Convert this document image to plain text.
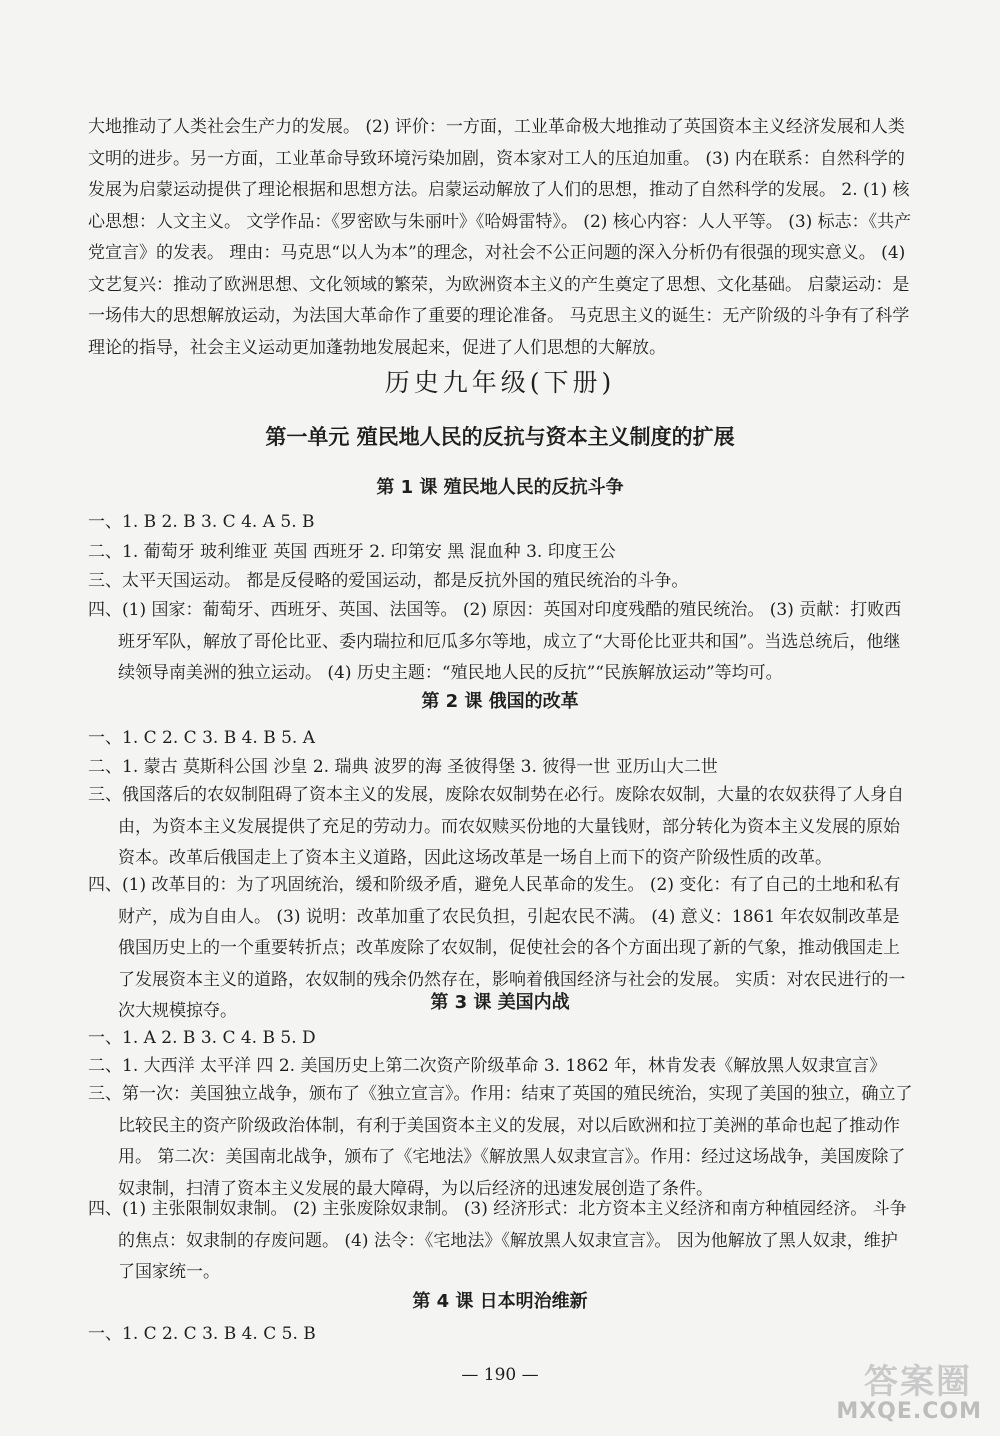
大地推动了人类社会生产力的发展。 (2) 评价：一方面，工业革命极大地推动了英国资本主义经济发展和人类文明的进步。另一方面，工业革命导致环境污染加剧，资本家对工人的压迫加重。 (3) 内在联系：自然科学的发展为启蒙运动提供了理论根据和思想方法。启蒙运动解放了人们的思想，推动了自然科学的发展。 2. (1) 核心思想：人文主义。 文学作品：《罗密欧与朱丽叶》《哈姆雷特》。 (2) 核心内容：人人平等。 (3) 标志：《共产党宣言》的发表。 理由：马克思“以人为本”的理念，对社会不公正问题的深入分析仍有很强的现实意义。 (4) 文艺复兴：推动了欧洲思想、文化领域的繁荣，为欧洲资本主义的产生奠定了思想、文化基础。 启蒙运动：是一场伟大的思想解放运动，为法国大革命作了重要的理论准备。 马克思主义的诞生：无产阶级的斗争有了科学理论的指导，社会主义运动更加蓬勃地发展起来，促进了人们思想的大解放。

历史九年级(下册)
第一单元 殖民地人民的反抗与资本主义制度的扩展
第 1 课 殖民地人民的反抗斗争
一、1. B 2. B 3. C 4. A 5. B
二、1. 葡萄牙 玻利维亚 英国 西班牙 2. 印第安 黑 混血种 3. 印度王公
三、太平天国运动。 都是反侵略的爱国运动，都是反抗外国的殖民统治的斗争。

四、(1) 国家：葡萄牙、西班牙、英国、法国等。 (2) 原因：英国对印度残酷的殖民统治。 (3) 贡献：打败西班牙军队，解放了哥伦比亚、委内瑞拉和厄瓜多尔等地，成立了“大哥伦比亚共和国”。当选总统后，他继续领导南美洲的独立运动。 (4) 历史主题：“殖民地人民的反抗”“民族解放运动”等均可。

第 2 课 俄国的改革
一、1. C 2. C 3. B 4. B 5. A
二、1. 蒙古 莫斯科公国 沙皇 2. 瑞典 波罗的海 圣彼得堡 3. 彼得一世 亚历山大二世

三、俄国落后的农奴制阻碍了资本主义的发展，废除农奴制势在必行。废除农奴制，大量的农奴获得了人身自由，为资本主义发展提供了充足的劳动力。而农奴赎买份地的大量钱财，部分转化为资本主义发展的原始资本。改革后俄国走上了资本主义道路，因此这场改革是一场自上而下的资产阶级性质的改革。

四、(1) 改革目的：为了巩固统治，缓和阶级矛盾，避免人民革命的发生。 (2) 变化：有了自己的土地和私有财产，成为自由人。 (3) 说明：改革加重了农民负担，引起农民不满。 (4) 意义：1861 年农奴制改革是俄国历史上的一个重要转折点；改革废除了农奴制，促使社会的各个方面出现了新的气象，推动俄国走上了发展资本主义的道路，农奴制的残余仍然存在，影响着俄国经济与社会的发展。 实质：对农民进行的一次大规模掠夺。	第 3 课 美国内战
一、1. A 2. B 3. C 4. B 5. D
二、1. 大西洋 太平洋 四 2. 美国历史上第二次资产阶级革命 3. 1862 年，林肯发表《解放黑人奴隶宣言》

三、第一次：美国独立战争，颁布了《独立宣言》。作用：结束了英国的殖民统治，实现了美国的独立，确立了比较民主的资产阶级政治体制，有利于美国资本主义的发展，对以后欧洲和拉丁美洲的革命也起了推动作用。 第二次：美国南北战争，颁布了《宅地法》《解放黑人奴隶宣言》。作用：经过这场战争，美国废除了奴隶制，扫清了资本主义发展的最大障碍，为以后经济的迅速发展创造了条件。

四、(1) 主张限制奴隶制。 (2) 主张废除奴隶制。 (3) 经济形式：北方资本主义经济和南方种植园经济。 斗争的焦点：奴隶制的存废问题。 (4) 法令：《宅地法》《解放黑人奴隶宣言》。 因为他解放了黑人奴隶，维护了国家统一。

第 4 课 日本明治维新
一、1. C 2. C 3. B 4. C 5. B
— 190 —	答案圈
MXQE.COM
